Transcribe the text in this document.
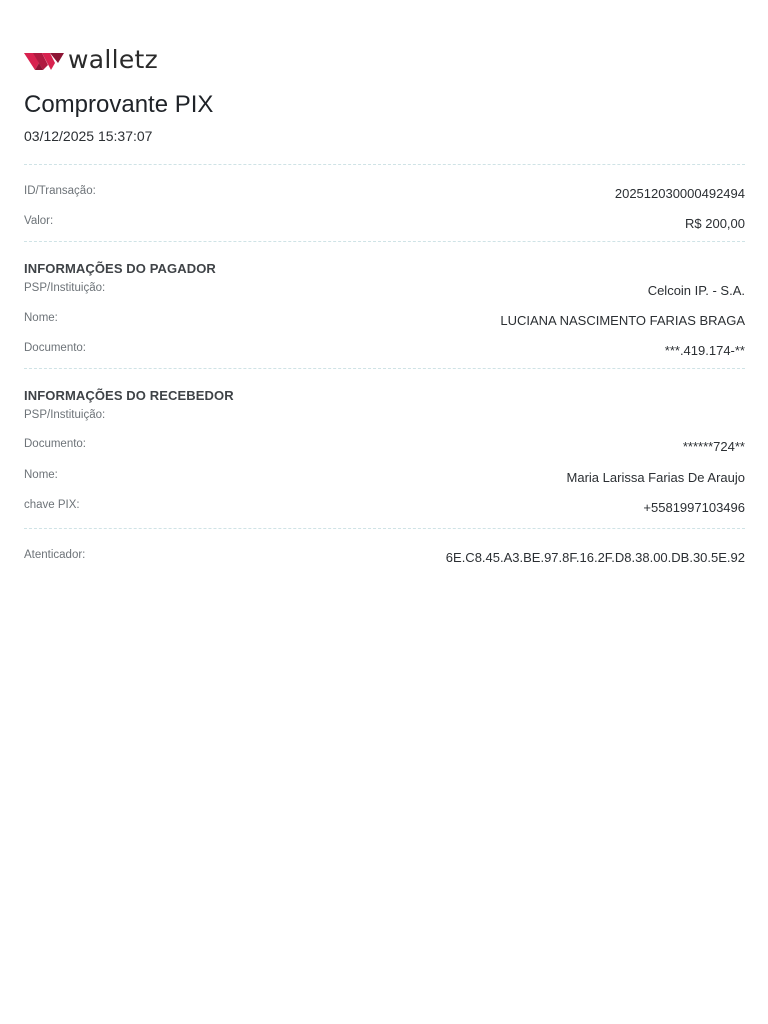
walletz
Comprovante PIX
03/12/2025 15:37:07
ID/Transação:	202512030000492494
Valor:	R$ 200,00
INFORMAÇÕES DO PAGADOR
PSP/Instituição:	Celcoin IP. - S.A.
Nome:	LUCIANA NASCIMENTO FARIAS BRAGA
Documento:	***.419.174-**
INFORMAÇÕES DO RECEBEDOR
PSP/Instituição:
Documento:	******724**
Nome:	Maria Larissa Farias De Araujo
chave PIX:	+5581997103496
Atenticador:	6E.C8.45.A3.BE.97.8F.16.2F.D8.38.00.DB.30.5E.92
